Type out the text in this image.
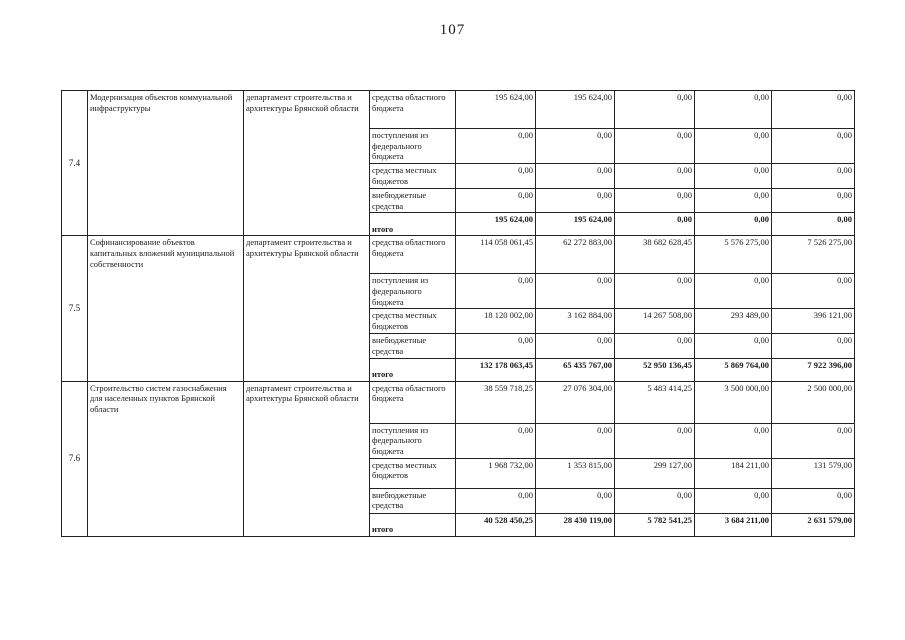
107
7.4	Модернизация объектов коммунальной инфраструктуры	департамент строительства и архитектуры Брянской области	средства областного бюджета	195 624,00	195 624,00	0,00	0,00	0,00
			поступления из федерального бюджета	0,00	0,00	0,00	0,00	0,00
			средства местных бюджетов	0,00	0,00	0,00	0,00	0,00
			внебюджетные средства	0,00	0,00	0,00	0,00	0,00
			итого	195 624,00	195 624,00	0,00	0,00	0,00
7.5	Софинансирование объектов капитальных вложений муниципальной собственности	департамент строительства и архитектуры Брянской области	средства областного бюджета	114 058 061,45	62 272 883,00	38 682 628,45	5 576 275,00	7 526 275,00
			поступления из федерального бюджета	0,00	0,00	0,00	0,00	0,00
			средства местных бюджетов	18 120 002,00	3 162 884,00	14 267 508,00	293 489,00	396 121,00
			внебюджетные средства	0,00	0,00	0,00	0,00	0,00
			итого	132 178 063,45	65 435 767,00	52 950 136,45	5 869 764,00	7 922 396,00
7.6	Строительство систем газоснабжения для населенных пунктов Брянской области	департамент строительства и архитектуры Брянской области	средства областного бюджета	38 559 718,25	27 076 304,00	5 483 414,25	3 500 000,00	2 500 000,00
			поступления из федерального бюджета	0,00	0,00	0,00	0,00	0,00
			средства местных бюджетов	1 968 732,00	1 353 815,00	299 127,00	184 211,00	131 579,00
			внебюджетные средства	0,00	0,00	0,00	0,00	0,00
			итого	40 528 450,25	28 430 119,00	5 782 541,25	3 684 211,00	2 631 579,00
